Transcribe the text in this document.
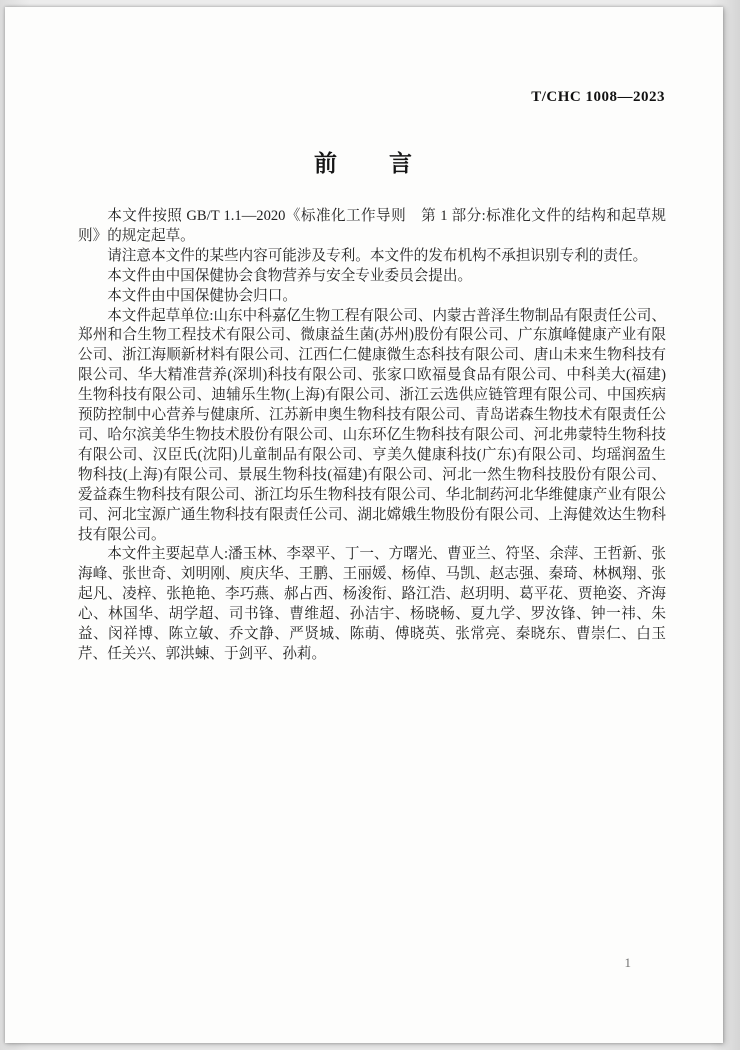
T/CHC 1008—2023
前　　言

本文件按照 GB/T 1.1—2020《标准化工作导则　第 1 部分:标准化文件的结构和起草规则》的规定起草。

请注意本文件的某些内容可能涉及专利。本文件的发布机构不承担识别专利的责任。

本文件由中国保健协会食物营养与安全专业委员会提出。

本文件由中国保健协会归口。

本文件起草单位:山东中科嘉亿生物工程有限公司、内蒙古普泽生物制品有限责任公司、郑州和合生物工程技术有限公司、微康益生菌(苏州)股份有限公司、广东旗峰健康产业有限公司、浙江海顺新材料有限公司、江西仁仁健康微生态科技有限公司、唐山未来生物科技有限公司、华大精准营养(深圳)科技有限公司、张家口欧福曼食品有限公司、中科美大(福建)生物科技有限公司、迪辅乐生物(上海)有限公司、浙江云选供应链管理有限公司、中国疾病预防控制中心营养与健康所、江苏新申奥生物科技有限公司、青岛诺森生物技术有限责任公司、哈尔滨美华生物技术股份有限公司、山东环亿生物科技有限公司、河北弗蒙特生物科技有限公司、汉臣氏(沈阳)儿童制品有限公司、亨美久健康科技(广东)有限公司、均瑶润盈生物科技(上海)有限公司、景展生物科技(福建)有限公司、河北一然生物科技股份有限公司、爱益森生物科技有限公司、浙江均乐生物科技有限公司、华北制药河北华维健康产业有限公司、河北宝源广通生物科技有限责任公司、湖北嫦娥生物股份有限公司、上海健效达生物科技有限公司。

本文件主要起草人:潘玉林、李翠平、丁一、方曙光、曹亚兰、符坚、余萍、王哲新、张海峰、张世奇、刘明刚、庾庆华、王鹏、王丽媛、杨倬、马凯、赵志强、秦琦、林枫翔、张起凡、凌梓、张艳艳、李巧燕、郝占西、杨浚衔、路江浩、赵玥明、葛平花、贾艳姿、齐海心、林国华、胡学超、司书锋、曹维超、孙洁宇、杨晓畅、夏九学、罗汝锋、钟一祎、朱益、闵祥博、陈立敏、乔文静、严贤城、陈萌、傅晓英、张常亮、秦晓东、曹崇仁、白玉芹、任关兴、郭洪蝀、于剑平、孙莉。

1
